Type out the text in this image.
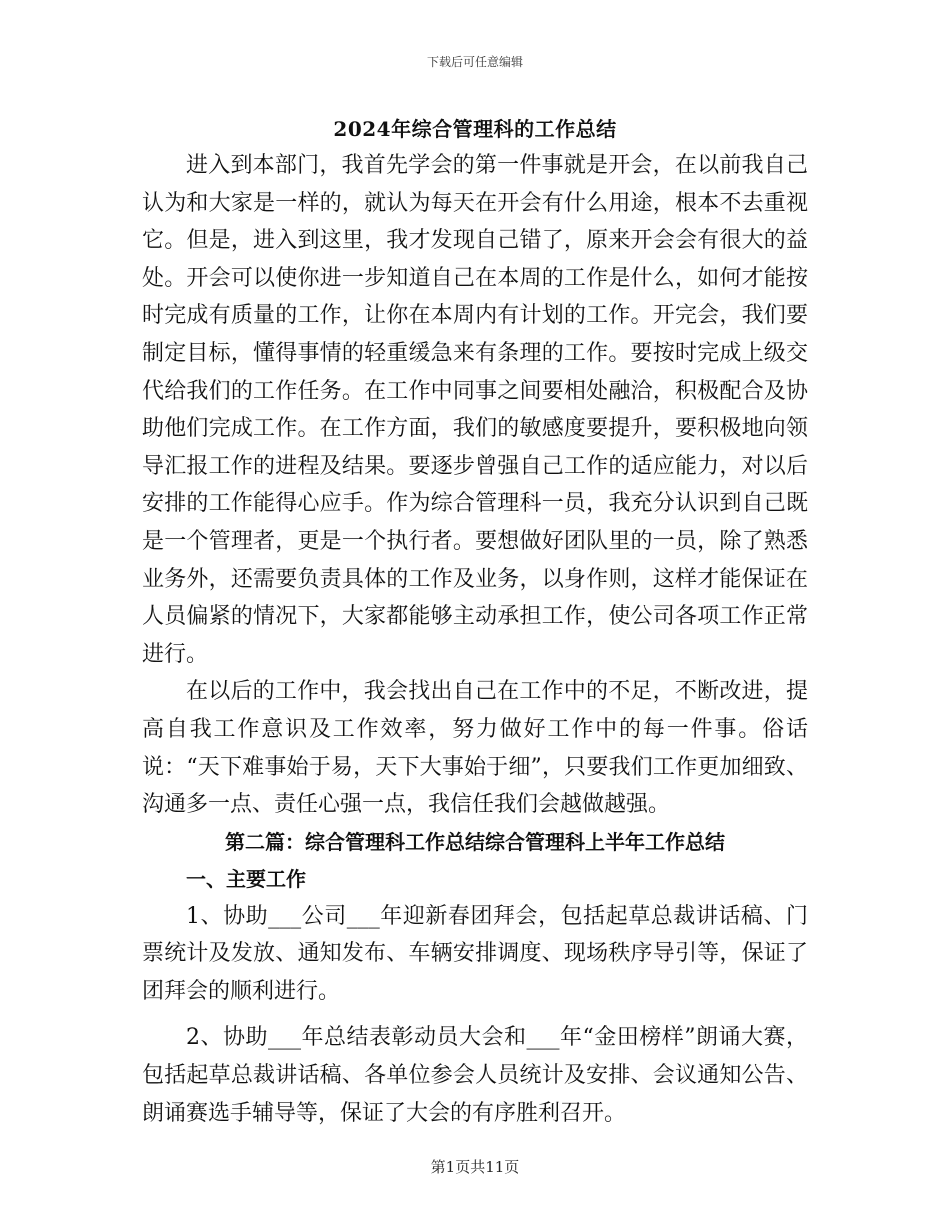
下载后可任意编辑
2024年综合管理科的工作总结

进入到本部门，我首先学会的第一件事就是开会，在以前我自己认为和大家是一样的，就认为每天在开会有什么用途，根本不去重视它。但是，进入到这里，我才发现自己错了，原来开会会有很大的益处。开会可以使你进一步知道自己在本周的工作是什么，如何才能按时完成有质量的工作，让你在本周内有计划的工作。开完会，我们要制定目标，懂得事情的轻重缓急来有条理的工作。要按时完成上级交代给我们的工作任务。在工作中同事之间要相处融洽，积极配合及协助他们完成工作。在工作方面，我们的敏感度要提升，要积极地向领导汇报工作的进程及结果。要逐步曾强自己工作的适应能力，对以后安排的工作能得心应手。作为综合管理科一员，我充分认识到自己既是一个管理者，更是一个执行者。要想做好团队里的一员，除了熟悉业务外，还需要负责具体的工作及业务，以身作则，这样才能保证在人员偏紧的情况下，大家都能够主动承担工作，使公司各项工作正常进行。

在以后的工作中，我会找出自己在工作中的不足，不断改进，提高自我工作意识及工作效率，努力做好工作中的每一件事。俗话说：“天下难事始于易，天下大事始于细”，只要我们工作更加细致、沟通多一点、责任心强一点，我信任我们会越做越强。

第二篇：综合管理科工作总结综合管理科上半年工作总结

一、主要工作

1、协助___公司___年迎新春团拜会，包括起草总裁讲话稿、门票统计及发放、通知发布、车辆安排调度、现场秩序导引等，保证了团拜会的顺利进行。

2、协助___年总结表彰动员大会和___年“金田榜样”朗诵大赛，包括起草总裁讲话稿、各单位参会人员统计及安排、会议通知公告、朗诵赛选手辅导等，保证了大会的有序胜利召开。

第1页共11页
